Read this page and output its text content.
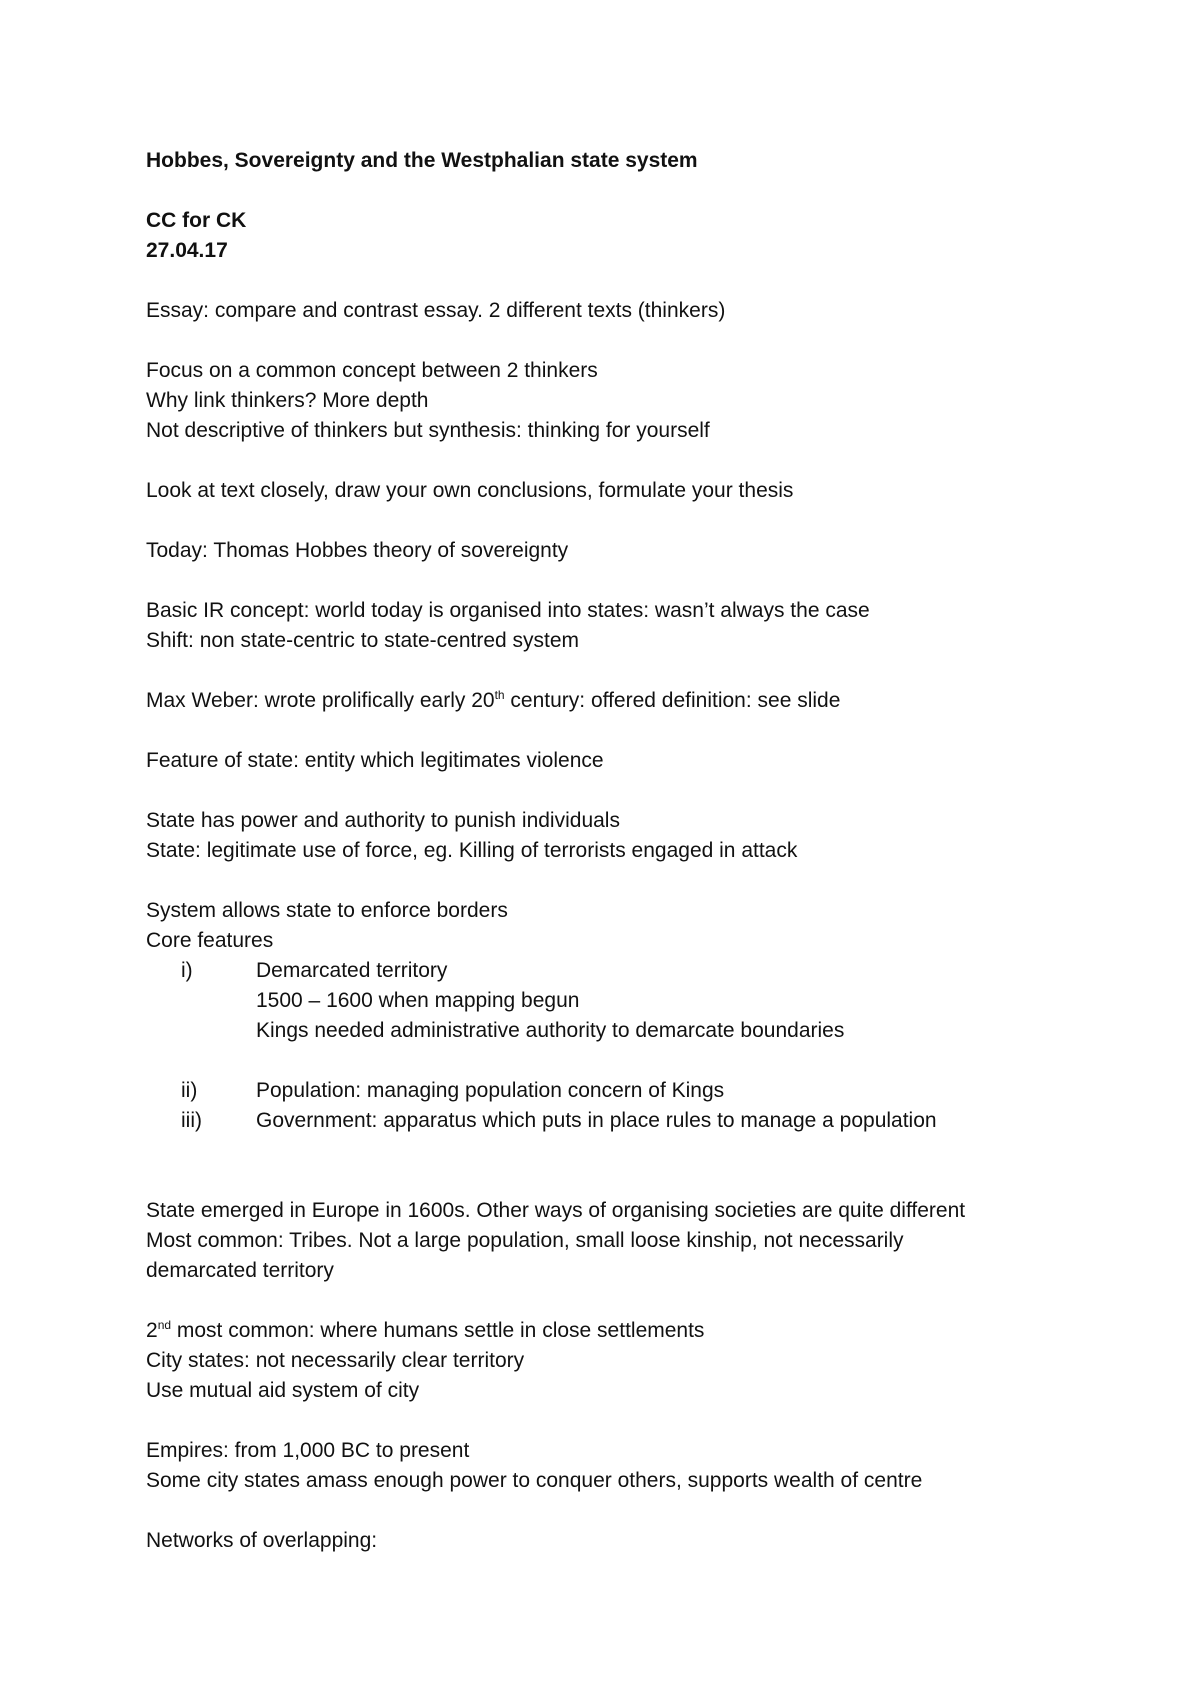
Hobbes, Sovereignty and the Westphalian state system
CC for CK
27.04.17
Essay: compare and contrast essay. 2 different texts (thinkers)
Focus on a common concept between 2 thinkers
Why link thinkers? More depth
Not descriptive of thinkers but synthesis: thinking for yourself
Look at text closely, draw your own conclusions, formulate your thesis
Today: Thomas Hobbes theory of sovereignty
Basic IR concept: world today is organised into states: wasn’t always the case
Shift: non state-centric to state-centred system
Max Weber: wrote prolifically early 20th century: offered definition: see slide
Feature of state: entity which legitimates violence
State has power and authority to punish individuals
State: legitimate use of force, eg. Killing of terrorists engaged in attack
System allows state to enforce borders
Core features
i)	Demarcated territory
1500 – 1600 when mapping begun
Kings needed administrative authority to demarcate boundaries
ii)	Population: managing population concern of Kings
iii)	Government: apparatus which puts in place rules to manage a population
State emerged in Europe in 1600s. Other ways of organising societies are quite different
Most common: Tribes. Not a large population, small loose kinship, not necessarily
demarcated territory
2nd most common: where humans settle in close settlements
City states: not necessarily clear territory
Use mutual aid system of city
Empires: from 1,000 BC to present
Some city states amass enough power to conquer others, supports wealth of centre
Networks of overlapping:
